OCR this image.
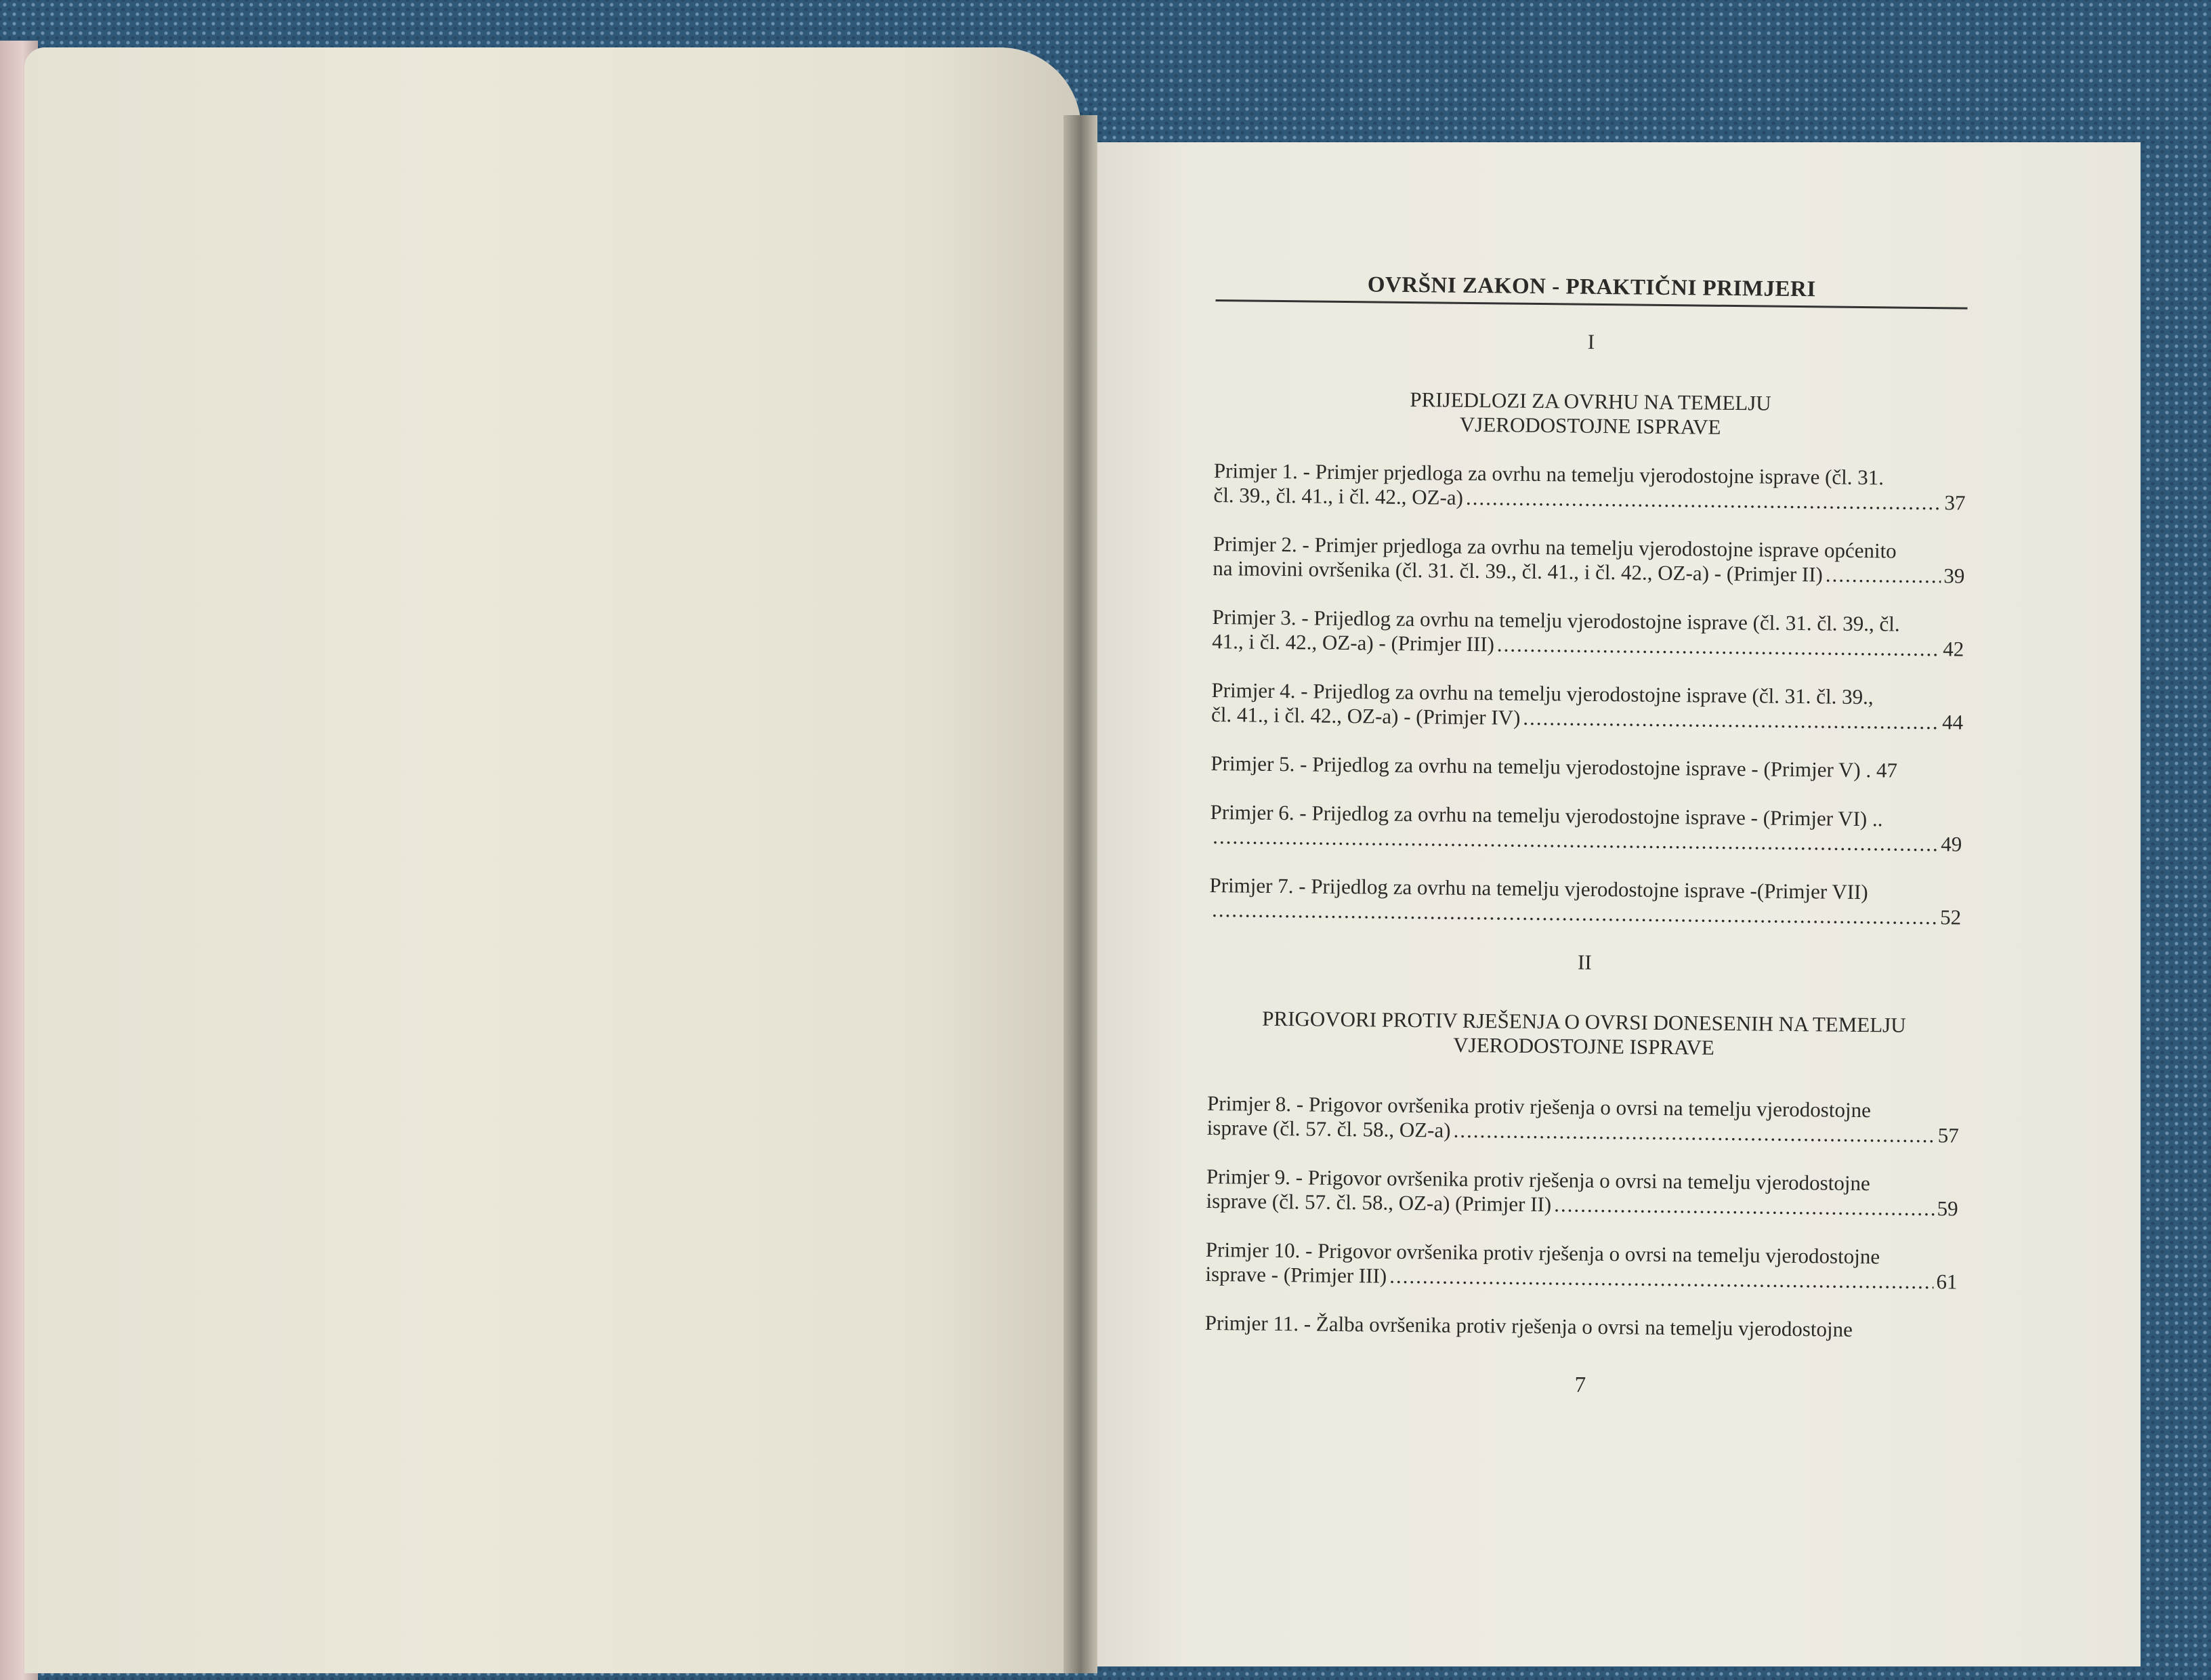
OVRŠNI ZAKON - PRAKTIČNI PRIMJERI
I
PRIJEDLOZI ZA OVRHU NA TEMELJU
VJERODOSTOJNE ISPRAVE
Primjer 1. - Primjer prjedloga za ovrhu na temelju vjerodostojne isprave (čl. 31.
čl. 39., čl. 41., i čl. 42., OZ-a) .....	37
Primjer 2. - Primjer prjedloga za ovrhu na temelju vjerodostojne isprave općenito
na imovini ovršenika (čl. 31. čl. 39., čl. 41., i čl. 42., OZ-a) - (Primjer II) .....	39
Primjer 3. - Prijedlog za ovrhu na temelju vjerodostojne isprave (čl. 31. čl. 39., čl.
41., i čl. 42., OZ-a) - (Primjer III) .....	42
Primjer 4. - Prijedlog za ovrhu na temelju vjerodostojne isprave (čl. 31. čl. 39.,
čl. 41., i čl. 42., OZ-a) - (Primjer IV) .....	44
Primjer 5. - Prijedlog za ovrhu na temelju vjerodostojne isprave - (Primjer V) . 47
Primjer 6. - Prijedlog za ovrhu na temelju vjerodostojne isprave - (Primjer VI) ..
.....
49
Primjer 7. - Prijedlog za ovrhu na temelju vjerodostojne isprave -(Primjer VII)
.....
52
II
PRIGOVORI PROTIV RJEŠENJA O OVRSI DONESENIH NA TEMELJU
VJERODOSTOJNE ISPRAVE
Primjer 8. - Prigovor ovršenika protiv rješenja o ovrsi na temelju vjerodostojne
isprave (čl. 57. čl. 58., OZ-a) .....	57
Primjer 9. - Prigovor ovršenika protiv rješenja o ovrsi na temelju vjerodostojne
isprave (čl. 57. čl. 58., OZ-a) (Primjer II) .....	59
Primjer 10. - Prigovor ovršenika protiv rješenja o ovrsi na temelju vjerodostojne
isprave - (Primjer III) .....	61
Primjer 11. - Žalba ovršenika protiv rješenja o ovrsi na temelju vjerodostojne
7
